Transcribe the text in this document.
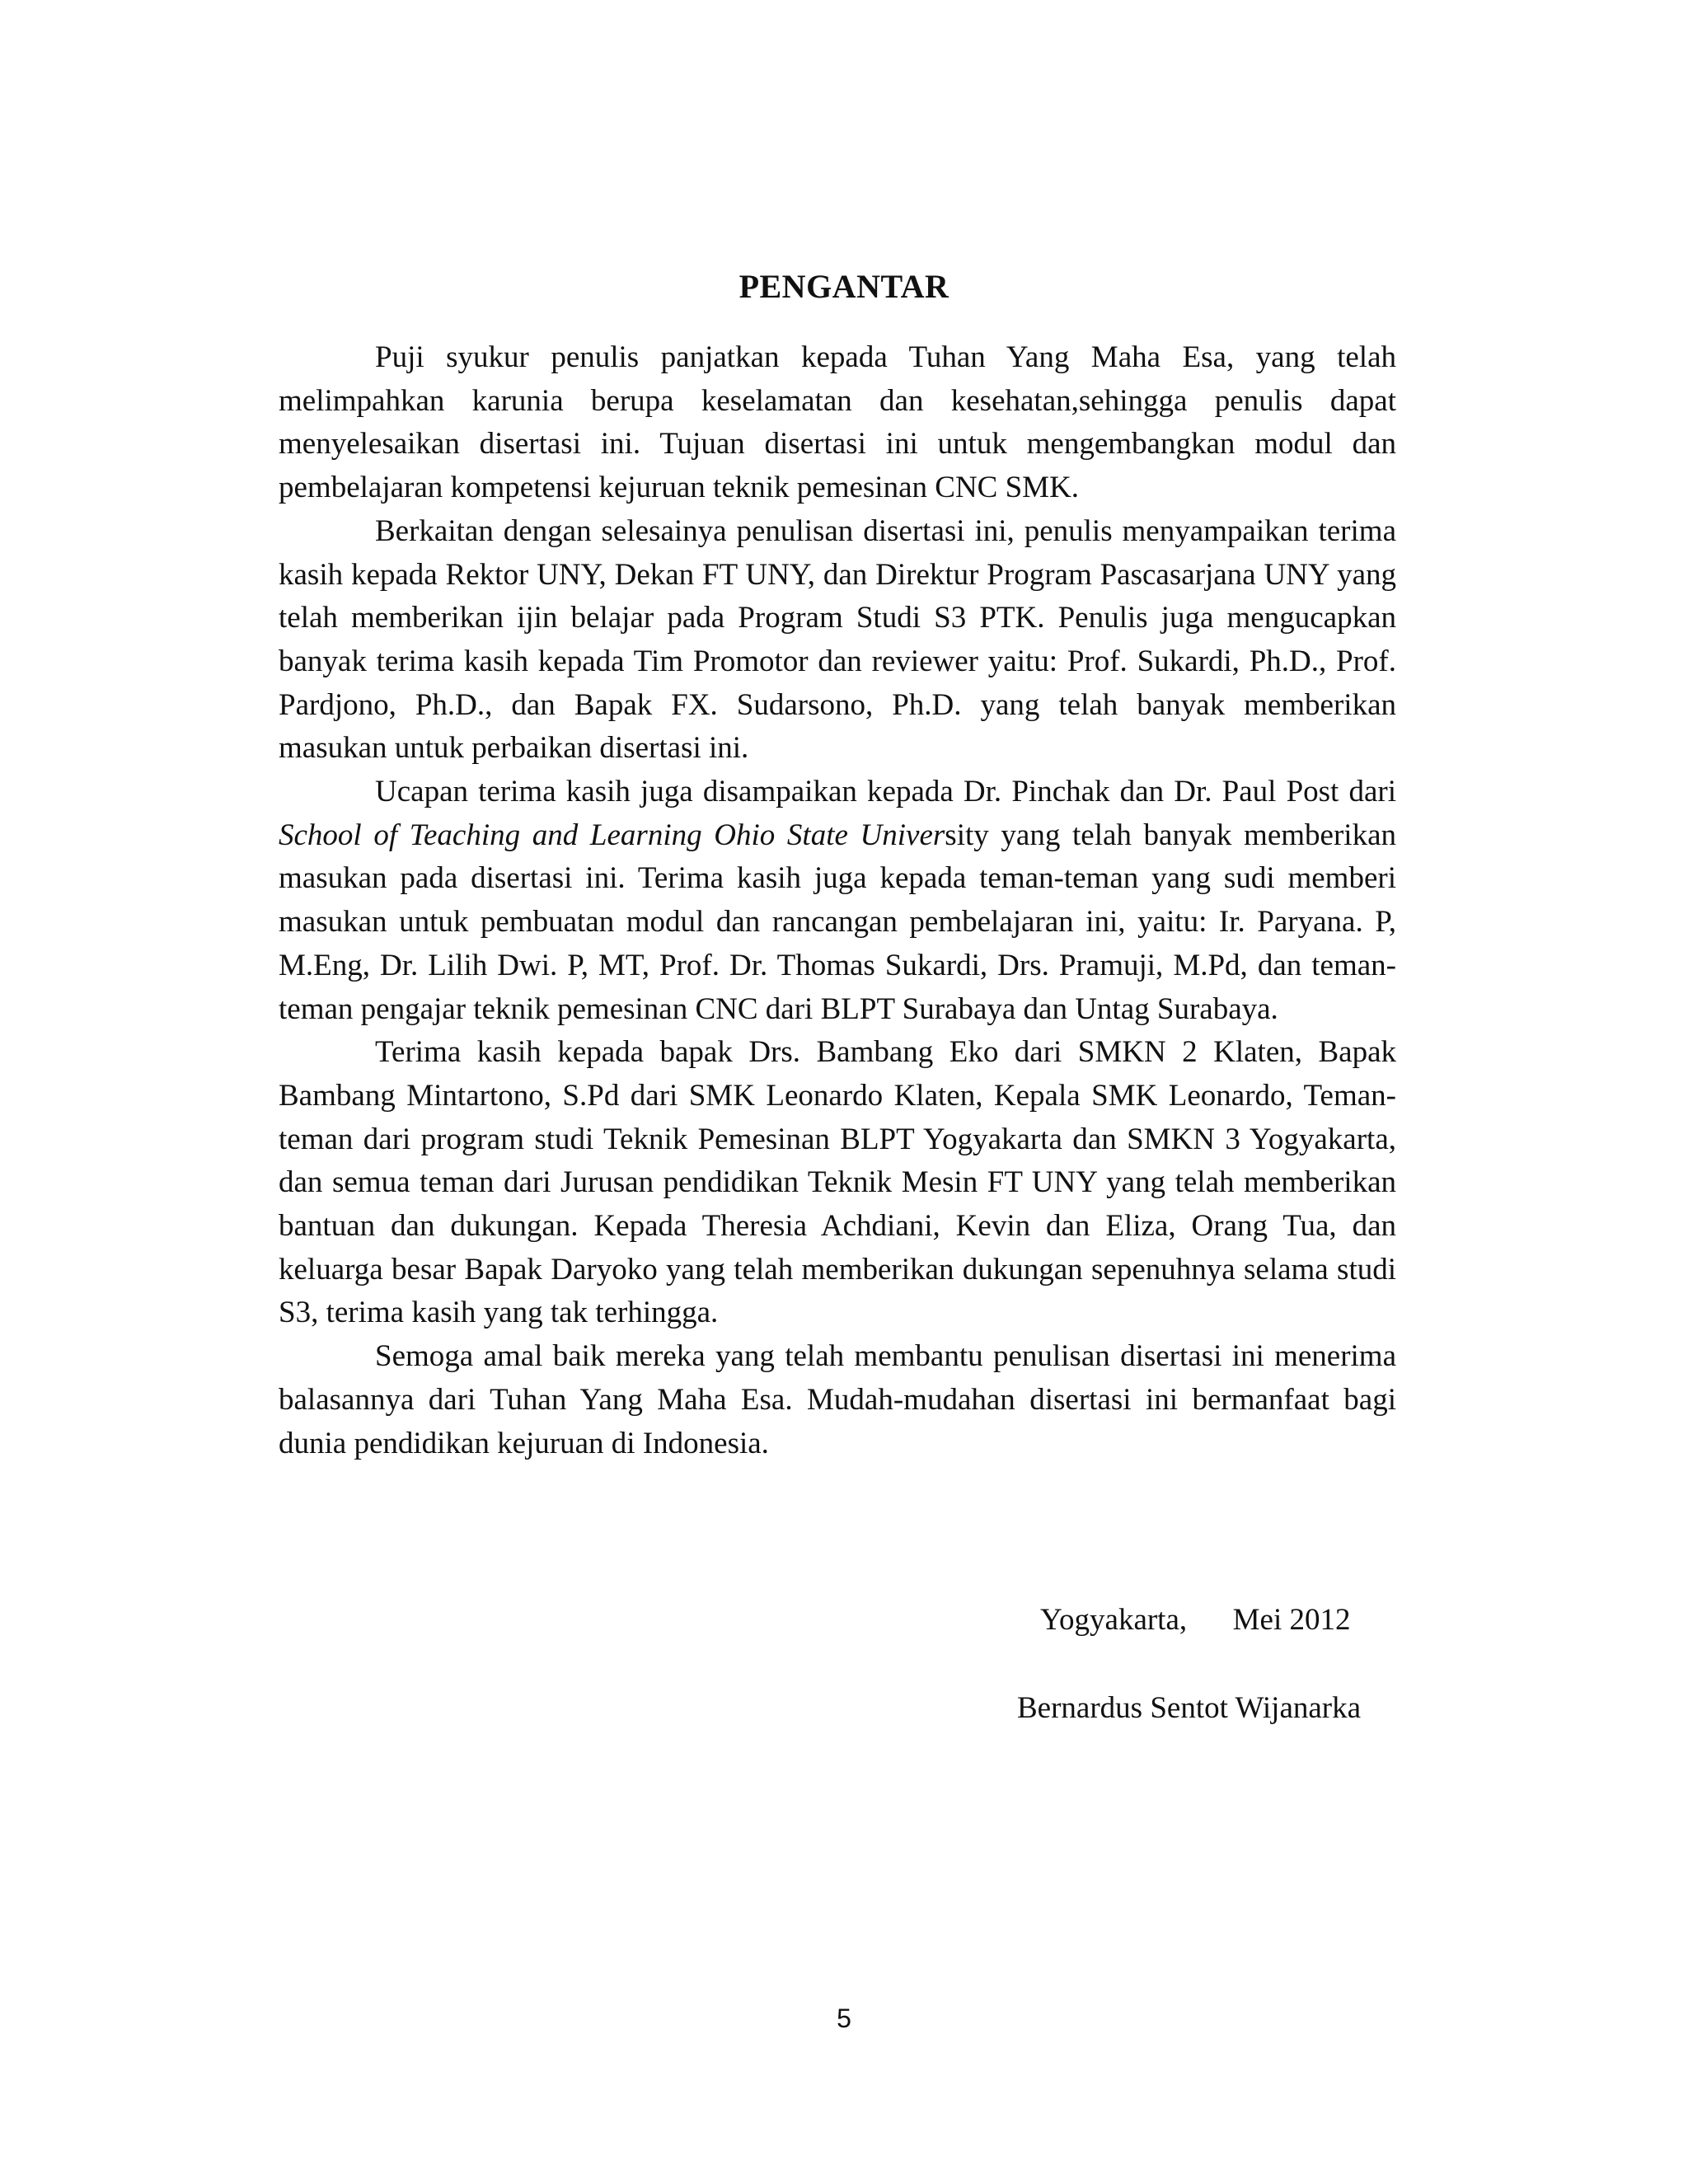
PENGANTAR

Puji syukur penulis panjatkan kepada Tuhan Yang Maha Esa, yang telah melimpahkan karunia berupa keselamatan dan kesehatan,sehingga penulis dapat menyelesaikan disertasi ini. Tujuan disertasi ini untuk mengembangkan modul dan pembelajaran kompetensi kejuruan teknik pemesinan CNC SMK.

Berkaitan dengan selesainya penulisan disertasi ini, penulis menyampaikan terima kasih kepada Rektor UNY, Dekan FT UNY, dan Direktur Program Pascasarjana UNY yang telah memberikan ijin belajar pada Program Studi S3 PTK. Penulis juga mengucapkan banyak terima kasih kepada Tim Promotor dan reviewer yaitu: Prof. Sukardi, Ph.D., Prof. Pardjono, Ph.D., dan Bapak FX. Sudarsono, Ph.D. yang telah banyak memberikan masukan untuk perbaikan disertasi ini.

Ucapan terima kasih juga disampaikan kepada Dr. Pinchak dan Dr. Paul Post dari School of Teaching and Learning Ohio State University yang telah banyak memberikan masukan pada disertasi ini. Terima kasih juga kepada teman-teman yang sudi memberi masukan untuk pembuatan modul dan rancangan pembelajaran ini, yaitu: Ir. Paryana. P, M.Eng, Dr. Lilih Dwi. P, MT, Prof. Dr. Thomas Sukardi, Drs. Pramuji, M.Pd, dan teman-teman pengajar teknik pemesinan CNC dari BLPT Surabaya dan Untag Surabaya.

Terima kasih kepada bapak Drs. Bambang Eko dari SMKN 2 Klaten, Bapak Bambang Mintartono, S.Pd dari SMK Leonardo Klaten, Kepala SMK Leonardo, Teman-teman dari program studi Teknik Pemesinan BLPT Yogyakarta dan SMKN 3 Yogyakarta, dan semua teman dari Jurusan pendidikan Teknik Mesin FT UNY yang telah memberikan bantuan dan dukungan. Kepada Theresia Achdiani, Kevin dan Eliza, Orang Tua, dan keluarga besar Bapak Daryoko yang telah memberikan dukungan sepenuhnya selama studi S3, terima kasih yang tak terhingga.

Semoga amal baik mereka yang telah membantu penulisan disertasi ini menerima balasannya dari Tuhan Yang Maha Esa. Mudah-mudahan disertasi ini bermanfaat bagi dunia pendidikan kejuruan di Indonesia.

Yogyakarta,      Mei 2012
Bernardus Sentot Wijanarka
5
